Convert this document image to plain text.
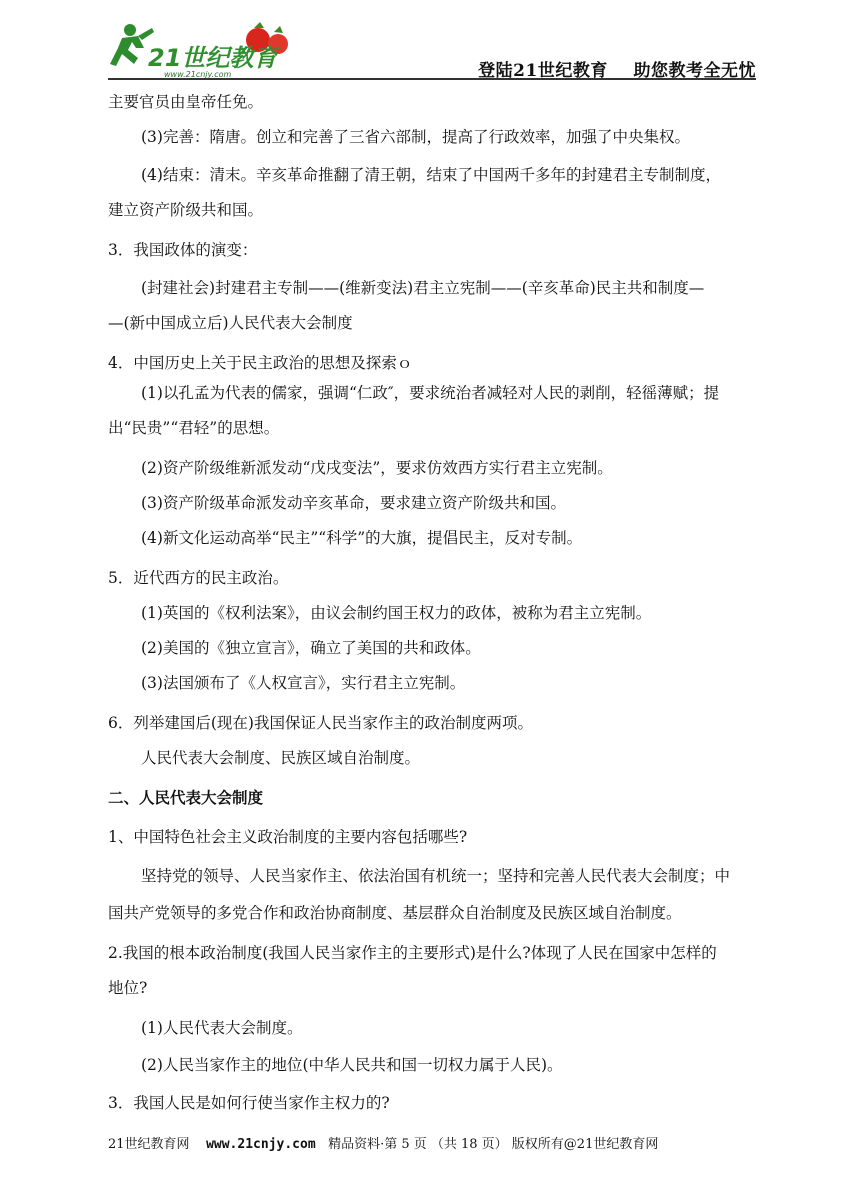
21世纪教育
www.21cnjy.com	登陆21世纪教育    助您教考全无忧

主要官员由皇帝任免。

(3)完善：隋唐。创立和完善了三省六部制，提高了行政效率，加强了中央集权。

(4)结束：清末。辛亥革命推翻了清王朝，结束了中国两千多年的封建君主专制制度，

建立资产阶级共和国。

3．我国政体的演变：

(封建社会)封建君主专制——(维新变法)君主立宪制——(辛亥革命)民主共和制度—

—(新中国成立后)人民代表大会制度

4．中国历史上关于民主政治的思想及探索ｏ

(1)以孔孟为代表的儒家，强调“仁政″，要求统治者减轻对人民的剥削，轻徭薄赋；提

出“民贵”“君轻”的思想。

(2)资产阶级维新派发动“戊戌变法”，要求仿效西方实行君主立宪制。

(3)资产阶级革命派发动辛亥革命，要求建立资产阶级共和国。

(4)新文化运动高举“民主”“科学”的大旗，提倡民主，反对专制。

5．近代西方的民主政治。

(1)英国的《权利法案》，由议会制约国王权力的政体，被称为君主立宪制。

(2)美国的《独立宣言》，确立了美国的共和政体。

(3)法国颁布了《人权宣言》，实行君主立宪制。

6．列举建国后(现在)我国保证人民当家作主的政治制度两项。

人民代表大会制度、民族区域自治制度。

二、人民代表大会制度

1、中国特色社会主义政治制度的主要内容包括哪些?

坚持党的领导、人民当家作主、依法治国有机统一；坚持和完善人民代表大会制度；中

国共产党领导的多党合作和政治协商制度、基层群众自治制度及民族区域自治制度。

2.我国的根本政治制度(我国人民当家作主的主要形式)是什么?体现了人民在国家中怎样的

地位?

(1)人民代表大会制度。

(2)人民当家作主的地位(中华人民共和国一切权力属于人民)。

3．我国人民是如何行使当家作主权力的?

21世纪教育网 www.21cnjy.com 精品资料·第 5 页 （共 18 页） 版权所有@21世纪教育网
